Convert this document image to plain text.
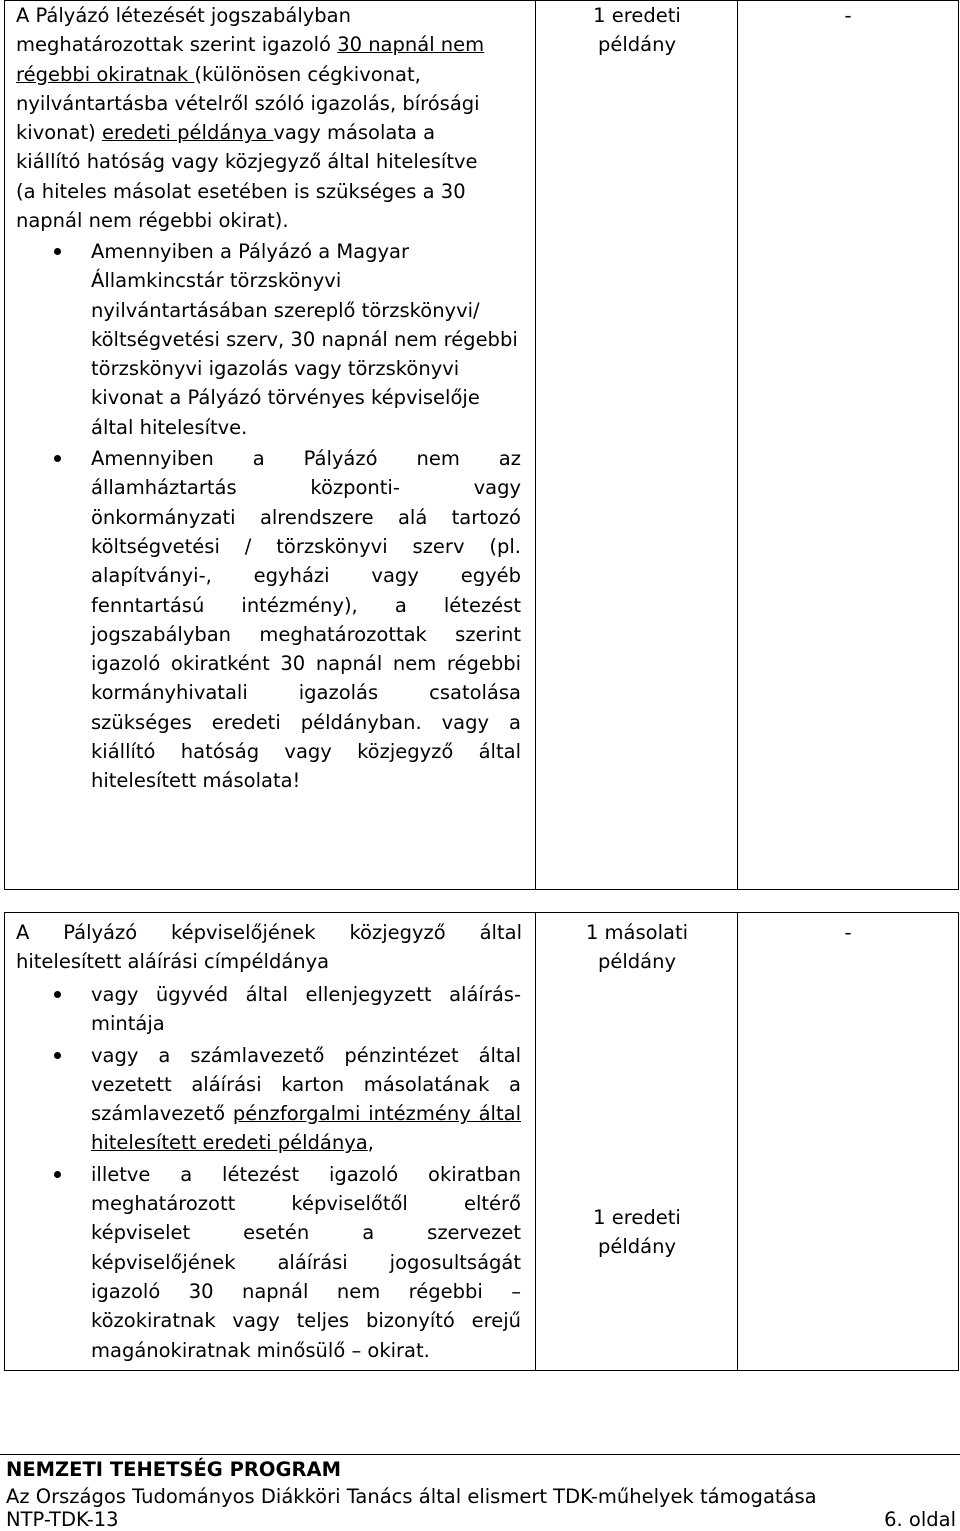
A Pályázó létezését jogszabályban
meghatározottak szerint igazoló 30 napnál nem
régebbi okiratnak (különösen cégkivonat,
nyilvántartásba vételről szóló igazolás, bírósági
kivonat) eredeti példánya vagy másolata a
kiállító hatóság vagy közjegyző által hitelesítve
(a hiteles másolat esetében is szükséges a 30
napnál nem régebbi okirat).
Amennyiben a Pályázó a Magyar Államkincstár törzskönyvi nyilvántartásában szereplő törzskönyvi/ költségvetési szerv, 30 napnál nem régebbi törzskönyvi igazolás vagy törzskönyvi kivonat a Pályázó törvényes képviselője által hitelesítve.
Amennyiben a Pályázó nem az államháztartás központi- vagy önkormányzati alrendszere alá tartozó költségvetési / törzskönyvi szerv (pl. alapítványi-, egyházi vagy egyéb fenntartású intézmény), a létezést jogszabályban meghatározottak szerint igazoló okiratként 30 napnál nem régebbi kormányhivatali igazolás csatolása szükséges eredeti példányban. vagy a kiállító hatóság vagy közjegyző által hitelesített másolata!
1 eredeti
példány
-
A Pályázó képviselőjének közjegyző által hitelesített aláírási címpéldánya
vagy ügyvéd által ellenjegyzett aláírás-mintája
vagy a számlavezető pénzintézet által vezetett aláírási karton másolatának a számlavezető pénzforgalmi intézmény által hitelesített eredeti példánya,
illetve a létezést igazoló okiratban meghatározott képviselőtől eltérő képviselet esetén a szervezet képviselőjének aláírási jogosultságát igazoló 30 napnál nem régebbi – közokiratnak vagy teljes bizonyító erejű magánokiratnak minősülő – okirat.
1 másolati
példány
1 eredeti
példány
-
NEMZETI TEHETSÉG PROGRAM
Az Országos Tudományos Diákköri Tanács által elismert TDK-műhelyek támogatása
NTP-TDK-13	6. oldal
